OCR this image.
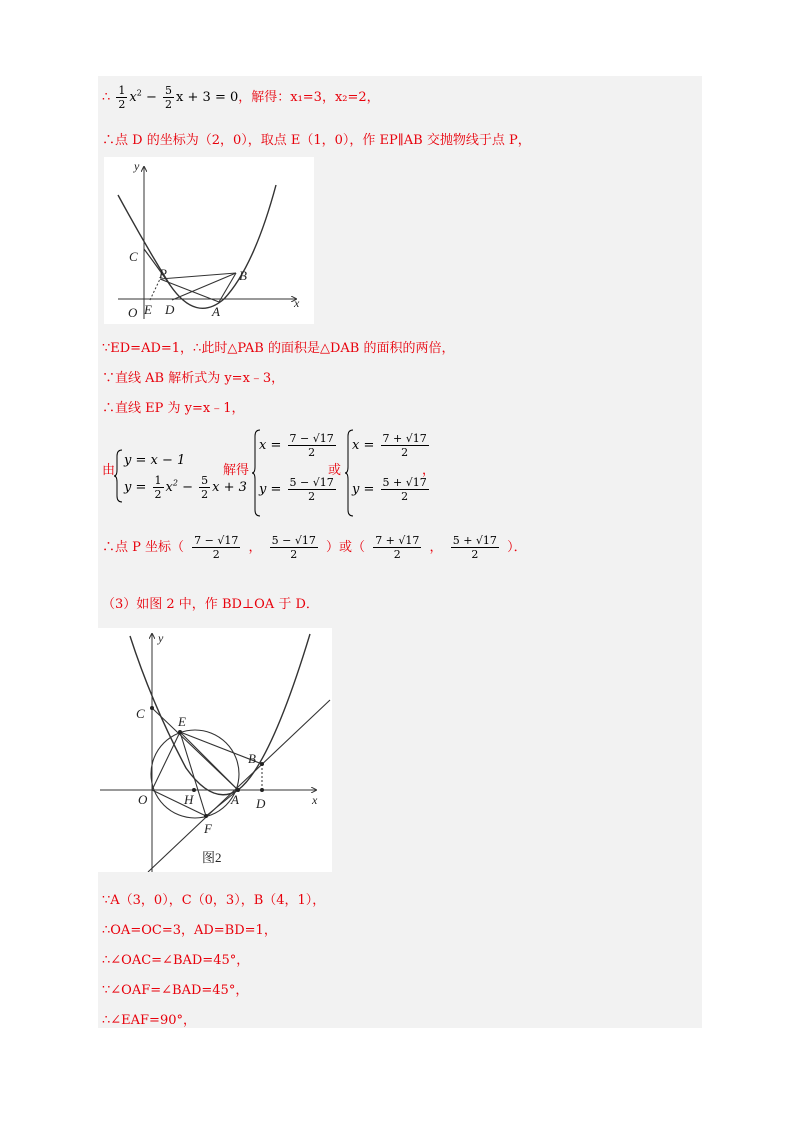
∴ $\frac{1}{2} x^2 - \frac{5}{2}$ x + 3 = 0，解得：x₁=3，x₂=2，
∴点 D 的坐标为（2，0），取点 E（1，0），作 EP∥AB 交抛物线于点 P，
y
x
C
P	B
O E D	A
∵ED=AD=1，∴此时△PAB 的面积是△DAB 的面积的两倍，
∵直线 AB 解析式为 y=x﹣3，
∴直线 EP 为 y=x﹣1，
由
y = x − 1
$y = \frac{1}{2} x^2 - \frac{5}{2}$ x + 3
解得
$x = \frac{7 - √17}{2}$
$y = \frac{5 - √17}{2}$
或
$x = \frac{7 + √17}{2}$
$y = \frac{5 + √17}{2}$
，
∴点 P 坐标（ $\frac{7 - √17}{2}$ ， $\frac{5 - √17}{2}$ ）或（ $\frac{7 + √17}{2}$ ， $\frac{5 + √17}{2}$ ）．
（3）如图 2 中，作 BD⊥OA 于 D．
y
x
C
E
B
O	H	A D
F
图2
∵A（3，0），C（0，3），B（4，1），
∴OA=OC=3，AD=BD=1，
∴∠OAC=∠BAD=45°，
∵∠OAF=∠BAD=45°，
∴∠EAF=90°，
